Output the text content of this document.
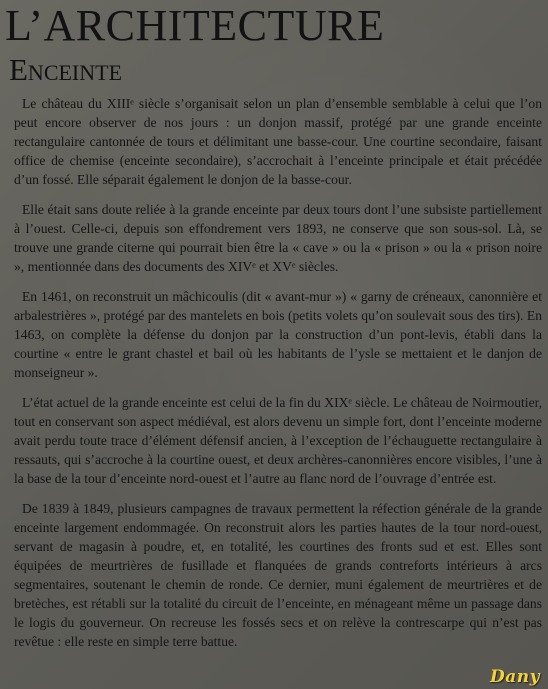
L’ARCHITECTURE
Enceinte

Le château du XIIIᵉ siècle s’organisait selon un plan d’ensemble semblable à celui que l’on peut encore observer de nos jours : un donjon massif, protégé par une grande enceinte rectangulaire cantonnée de tours et délimitant une basse-cour. Une courtine secondaire, faisant office de chemise (enceinte secondaire), s’accrochait à l’enceinte principale et était précédée d’un fossé. Elle séparait également le donjon de la basse-cour.

Elle était sans doute reliée à la grande enceinte par deux tours dont l’une subsiste partiellement à l’ouest. Celle-ci, depuis son effondrement vers 1893, ne conserve que son sous-sol. Là, se trouve une grande citerne qui pourrait bien être la « cave » ou la « prison » ou la « prison noire », mentionnée dans des documents des XIVᵉ et XVᵉ siècles.

En 1461, on reconstruit un mâchicoulis (dit « avant-mur ») « garny de créneaux, canonnière et arbalestrières », protégé par des mantelets en bois (petits volets qu’on soulevait sous des tirs). En 1463, on complète la défense du donjon par la construction d’un pont-levis, établi dans la courtine « entre le grant chastel et bail où les habitants de l’ysle se mettaient et le danjon de monseigneur ».

L’état actuel de la grande enceinte est celui de la fin du XIXᵉ siècle. Le château de Noirmoutier, tout en conservant son aspect médiéval, est alors devenu un simple fort, dont l’enceinte moderne avait perdu toute trace d’élément défensif ancien, à l’exception de l’échauguette rectangulaire à ressauts, qui s’accroche à la courtine ouest, et deux archères-canonnières encore visibles, l’une à la base de la tour d’enceinte nord-ouest et l’autre au flanc nord de l’ouvrage d’entrée est.

De 1839 à 1849, plusieurs campagnes de travaux permettent la réfection générale de la grande enceinte largement endommagée. On reconstruit alors les parties hautes de la tour nord-ouest, servant de magasin à poudre, et, en totalité, les courtines des fronts sud et est. Elles sont équipées de meurtrières de fusillade et flanquées de grands contreforts intérieurs à arcs segmentaires, soutenant le chemin de ronde. Ce dernier, muni également de meurtrières et de bretèches, est rétabli sur la totalité du circuit de l’enceinte, en ménageant même un passage dans le logis du gouverneur. On recreuse les fossés secs et on relève la contrescarpe qui n’est pas revêtue : elle reste en simple terre battue.

Dany
